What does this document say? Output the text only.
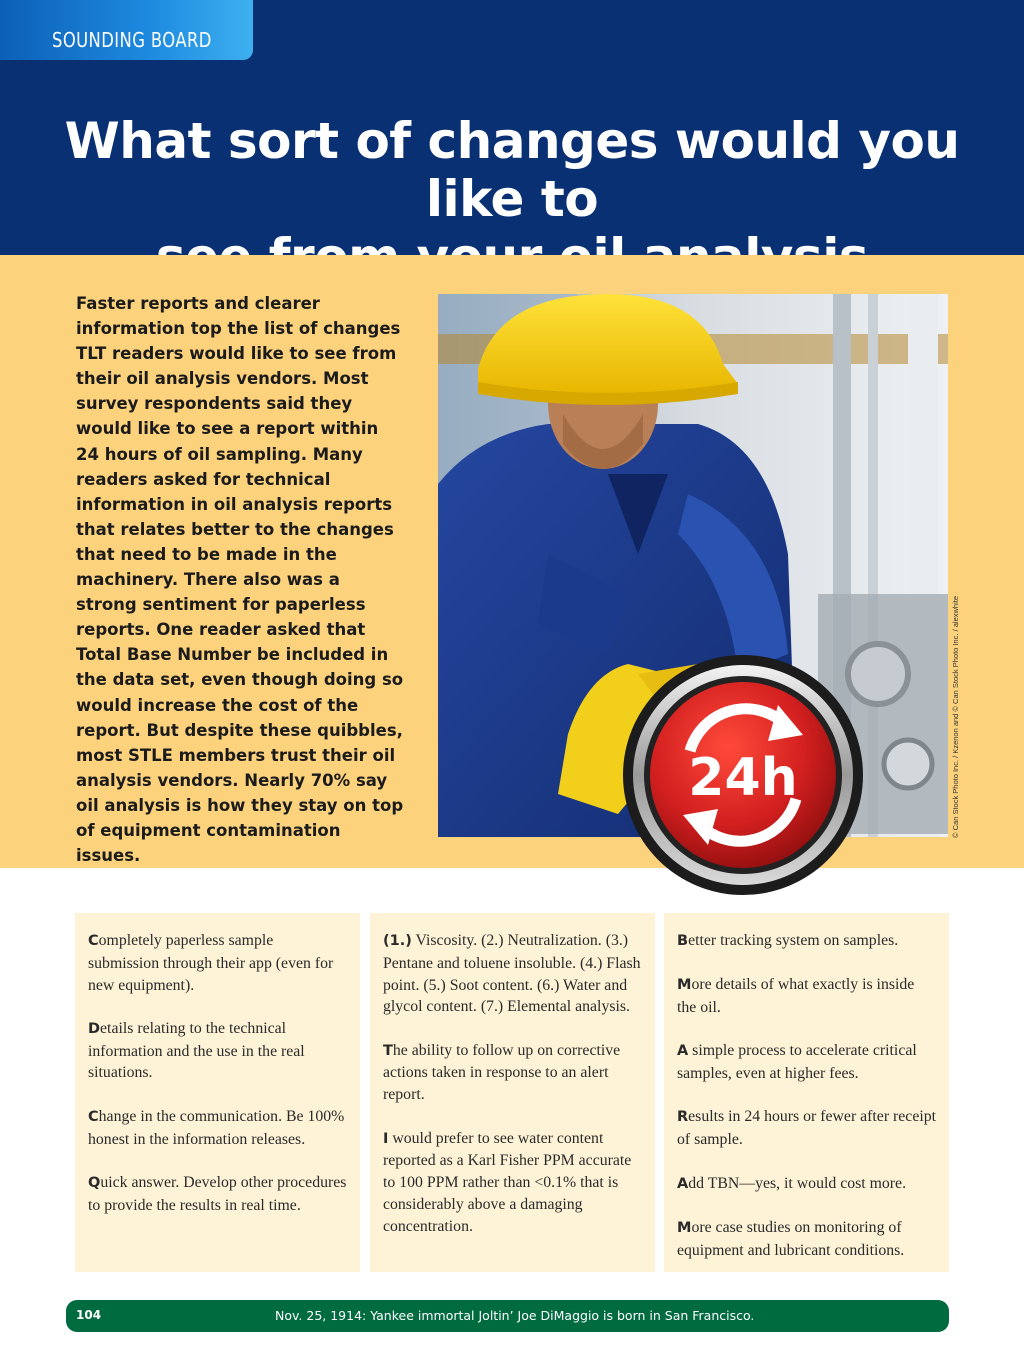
SOUNDING BOARD
What sort of changes would you like to

Faster reports and clearer information top the list of changes TLT readers would like to see from their oil analysis vendors. Most survey respondents said they would like to see a report within 24 hours of oil sampling. Many readers asked for technical information in oil analysis reports that relates better to the changes that need to be made in the machinery. There also was a strong sentiment for paperless reports. One reader asked that Total Base Number be included in the data set, even though doing so would increase the cost of the report. But despite these quibbles, most STLE members trust their oil analysis vendors. Nearly 70% say oil analysis is how they stay on top of equipment contamination issues.

© Can Stock Photo Inc. / Kzenon and © Can Stock Photo Inc. / alexwhite
24h

Completely paperless sample submission through their app (even for new equipment).

Details relating to the technical information and the use in the real situations.

Change in the communication. Be 100% honest in the information releases.

Quick answer. Develop other procedures to provide the results in real time.

(1.) Viscosity. (2.) Neutralization. (3.) Pentane and toluene insoluble. (4.) Flash point. (5.) Soot content. (6.) Water and glycol content. (7.) Elemental analysis.

The ability to follow up on corrective actions taken in response to an alert report.

I would prefer to see water content reported as a Karl Fisher PPM accurate to 100 PPM rather than <0.1% that is considerably above a damaging concentration.

Better tracking system on samples.

More details of what exactly is inside the oil.

A simple process to accelerate critical samples, even at higher fees.

Results in 24 hours or fewer after receipt of sample.

Add TBN—yes, it would cost more.

More case studies on monitoring of equipment and lubricant conditions.

104	Nov. 25, 1914: Yankee immortal Joltin’ Joe DiMaggio is born in San Francisco.
